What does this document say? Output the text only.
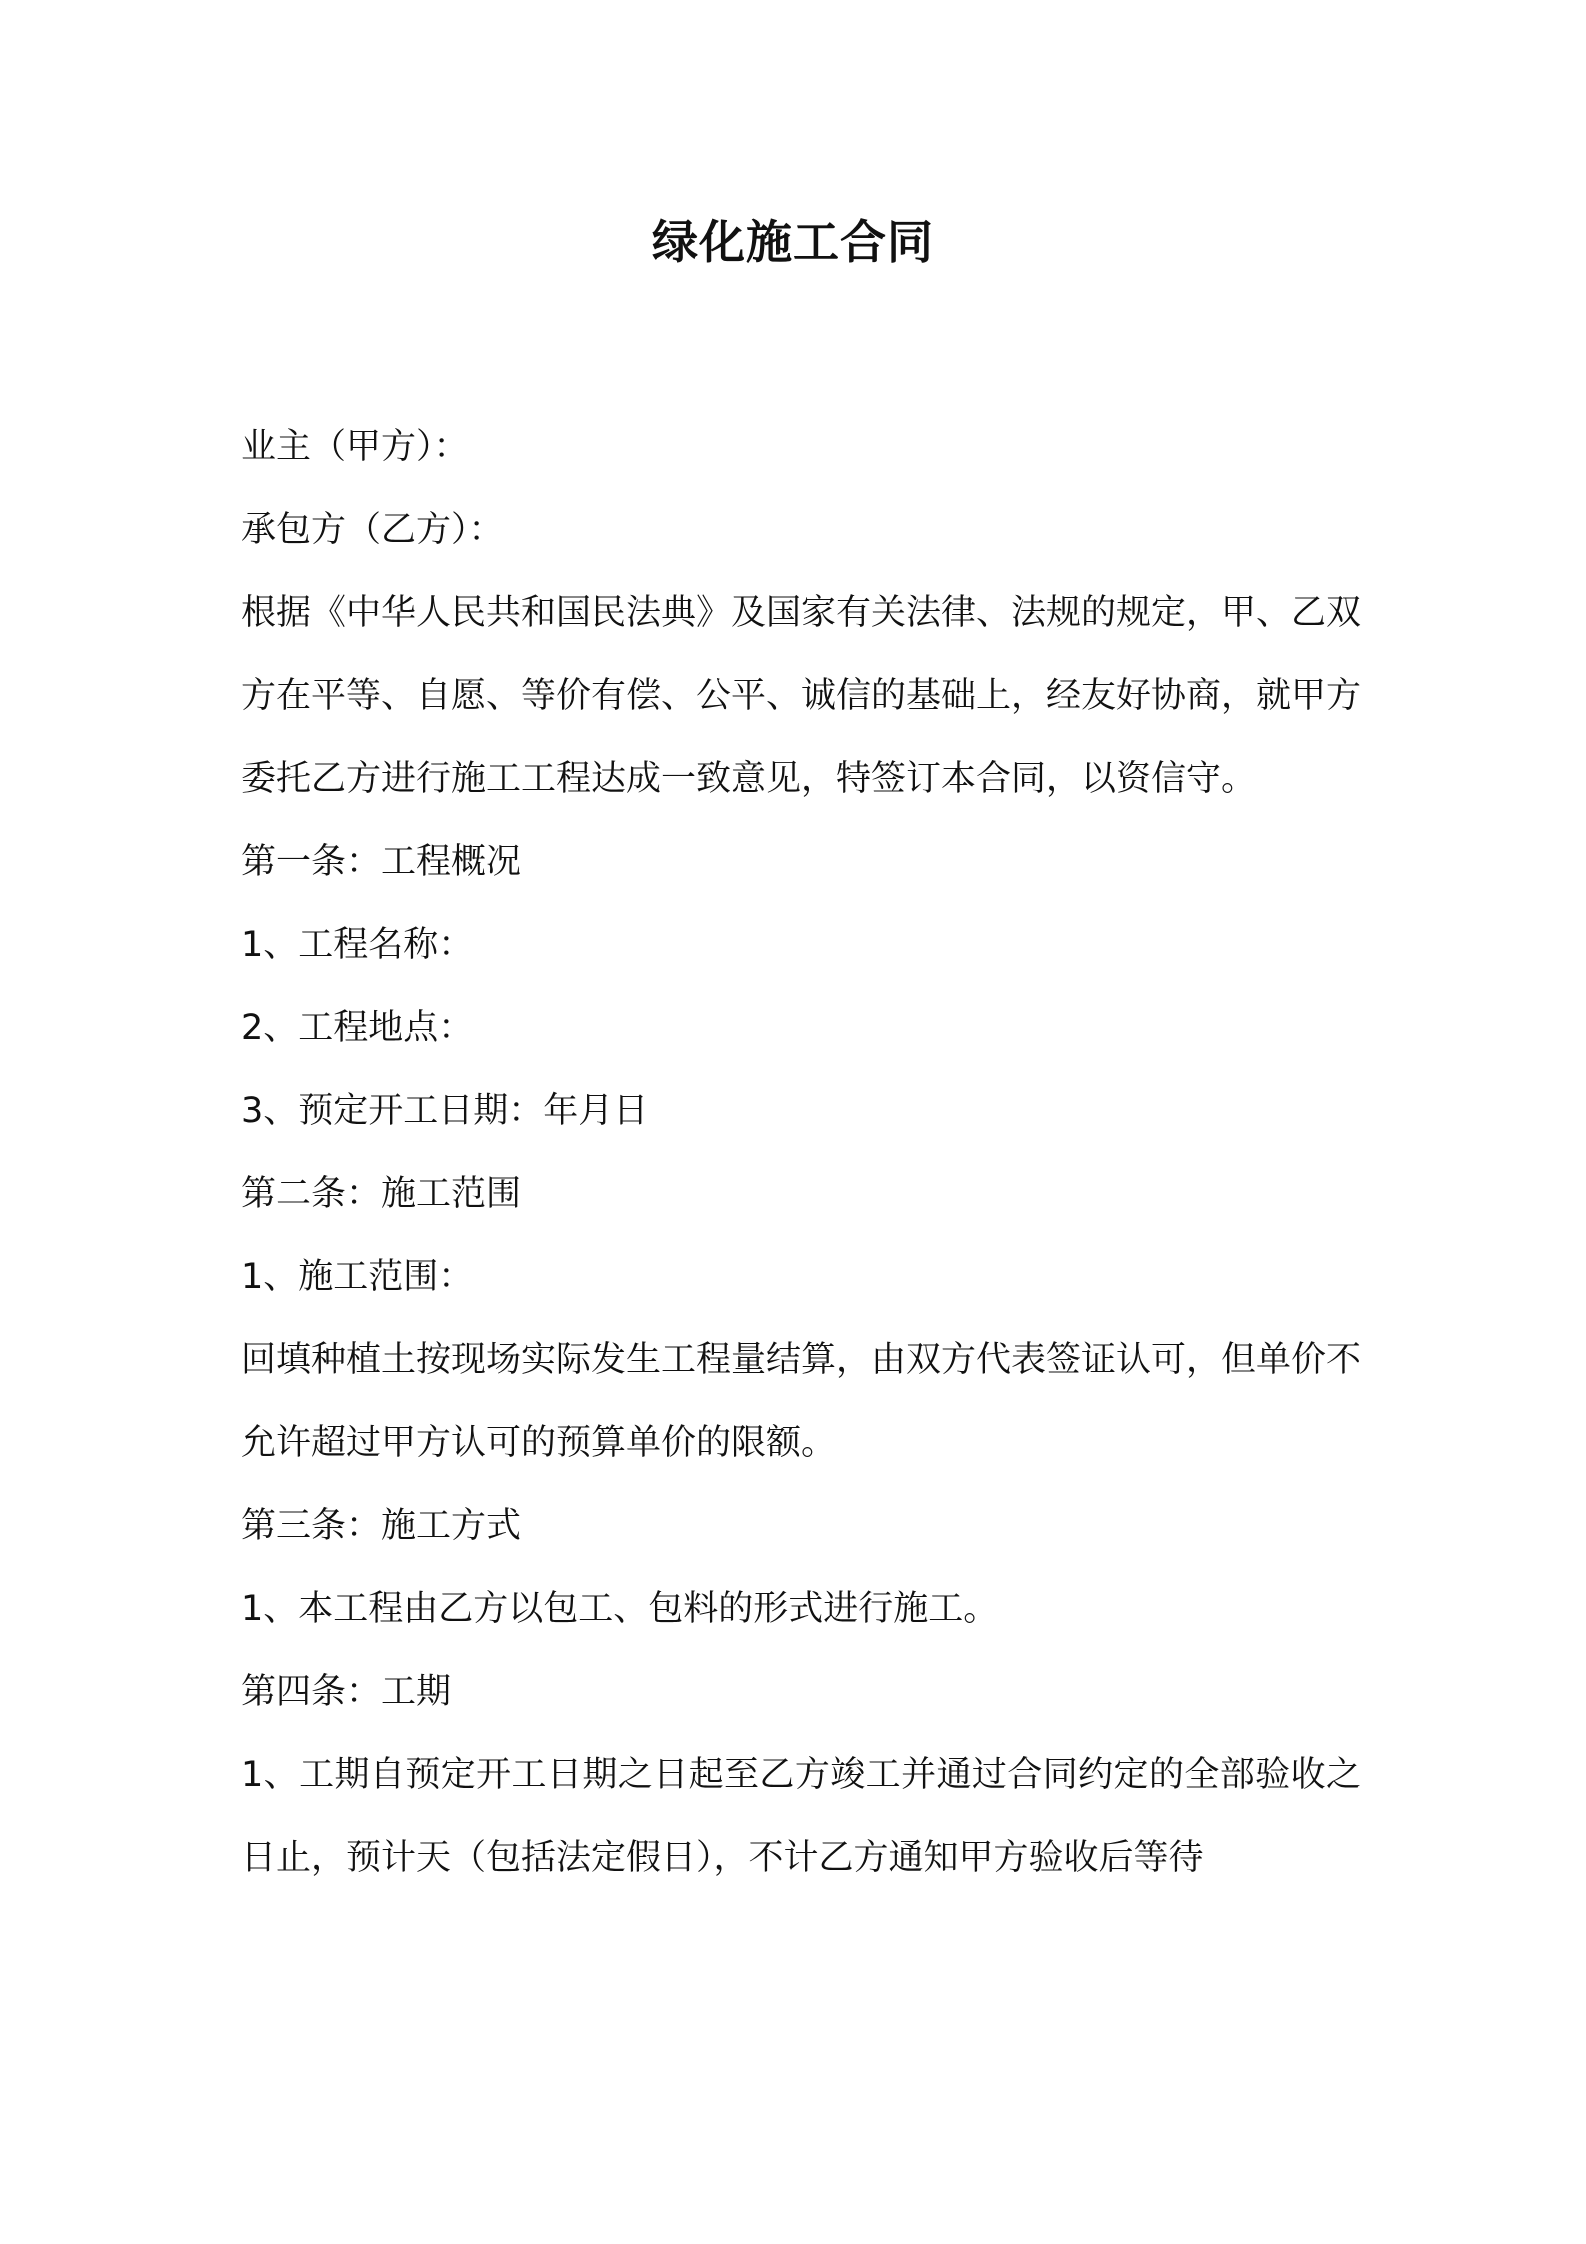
绿化施工合同
业主（甲方）：
承包方（乙方）：
根据《中华人民共和国民法典》及国家有关法律、法规的规定，甲、乙双方在平等、自愿、等价有偿、公平、诚信的基础上，经友好协商，就甲方委托乙方进行施工工程达成一致意见，特签订本合同，以资信守。
第一条：工程概况
1、工程名称：
2、工程地点：
3、预定开工日期：年月日
第二条：施工范围
1、施工范围：
回填种植土按现场实际发生工程量结算，由双方代表签证认可，但单价不允许超过甲方认可的预算单价的限额。
第三条：施工方式
1、本工程由乙方以包工、包料的形式进行施工。
第四条：工期
1、工期自预定开工日期之日起至乙方竣工并通过合同约定的全部验收之日止，预计天（包括法定假日），不计乙方通知甲方验收后等待
